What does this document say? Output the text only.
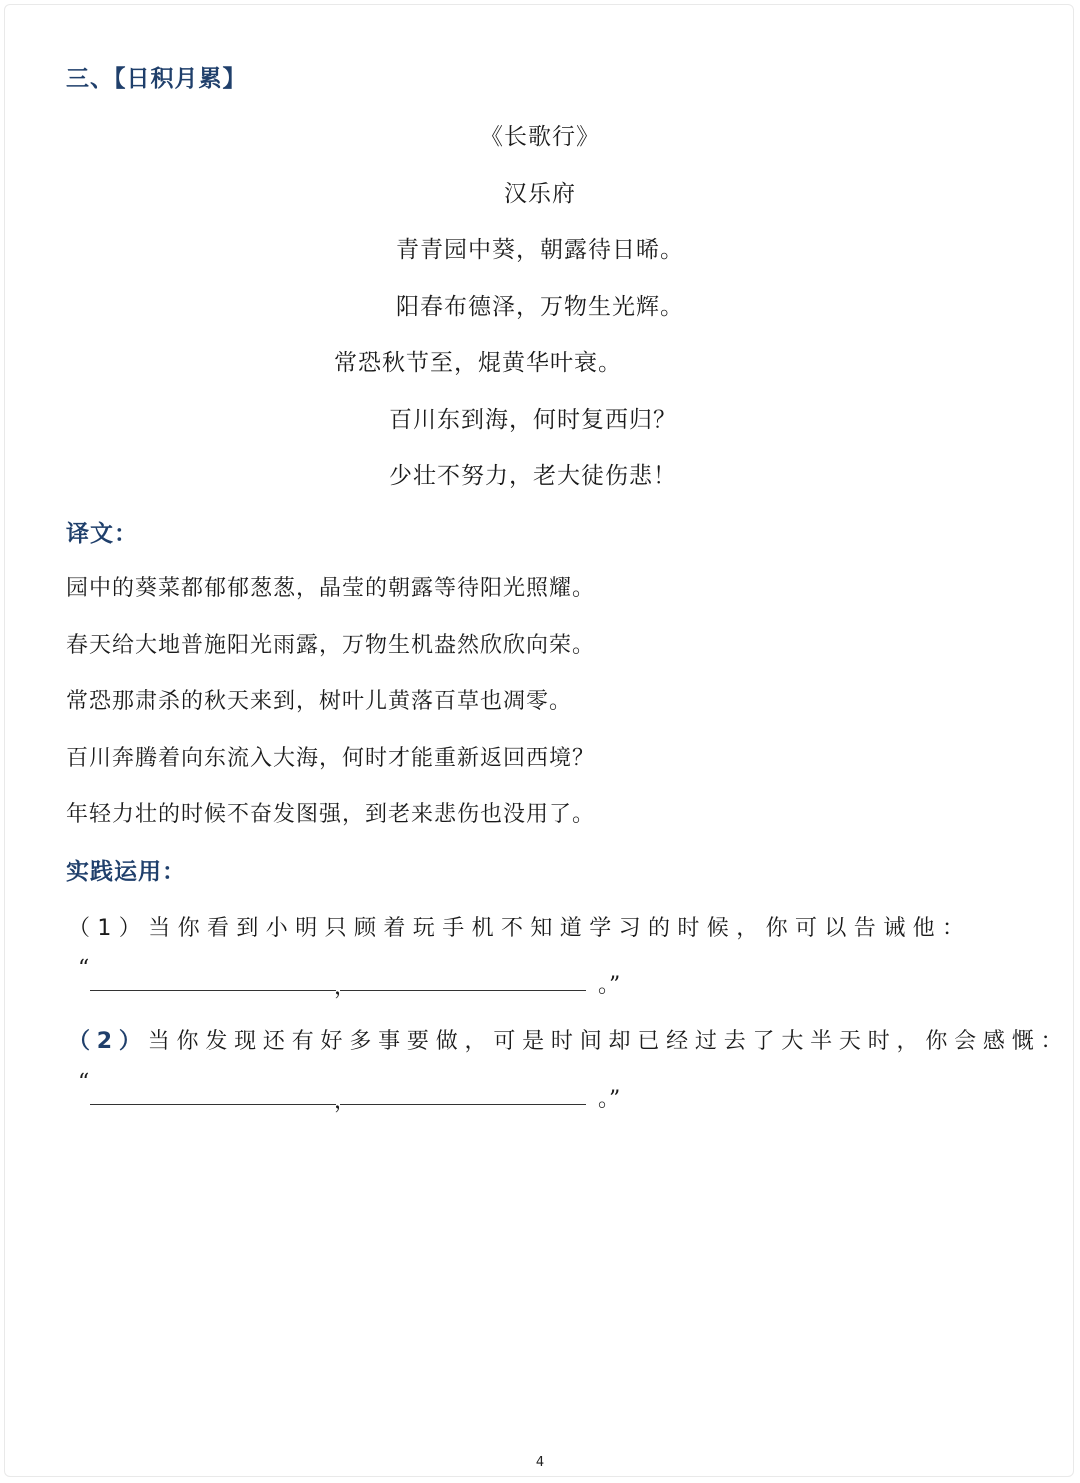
三、【日积月累】
《长歌行》
汉乐府
青青园中葵，朝露待日晞。
阳春布德泽，万物生光辉。
常恐秋节至，焜黄华叶衰。
百川东到海，何时复西归？
少壮不努力，老大徒伤悲！
译文：
园中的葵菜都郁郁葱葱，晶莹的朝露等待阳光照耀。
春天给大地普施阳光雨露，万物生机盎然欣欣向荣。
常恐那肃杀的秋天来到，树叶儿黄落百草也凋零。
百川奔腾着向东流入大海，何时才能重新返回西境？
年轻力壮的时候不奋发图强，到老来悲伤也没用了。
实践运用：
（1）当你看到小明只顾着玩手机不知道学习的时候，你可以告诫他：
“
，	。”
（2）当你发现还有好多事要做，可是时间却已经过去了大半天时，你会感慨：
“
，	。”
4
